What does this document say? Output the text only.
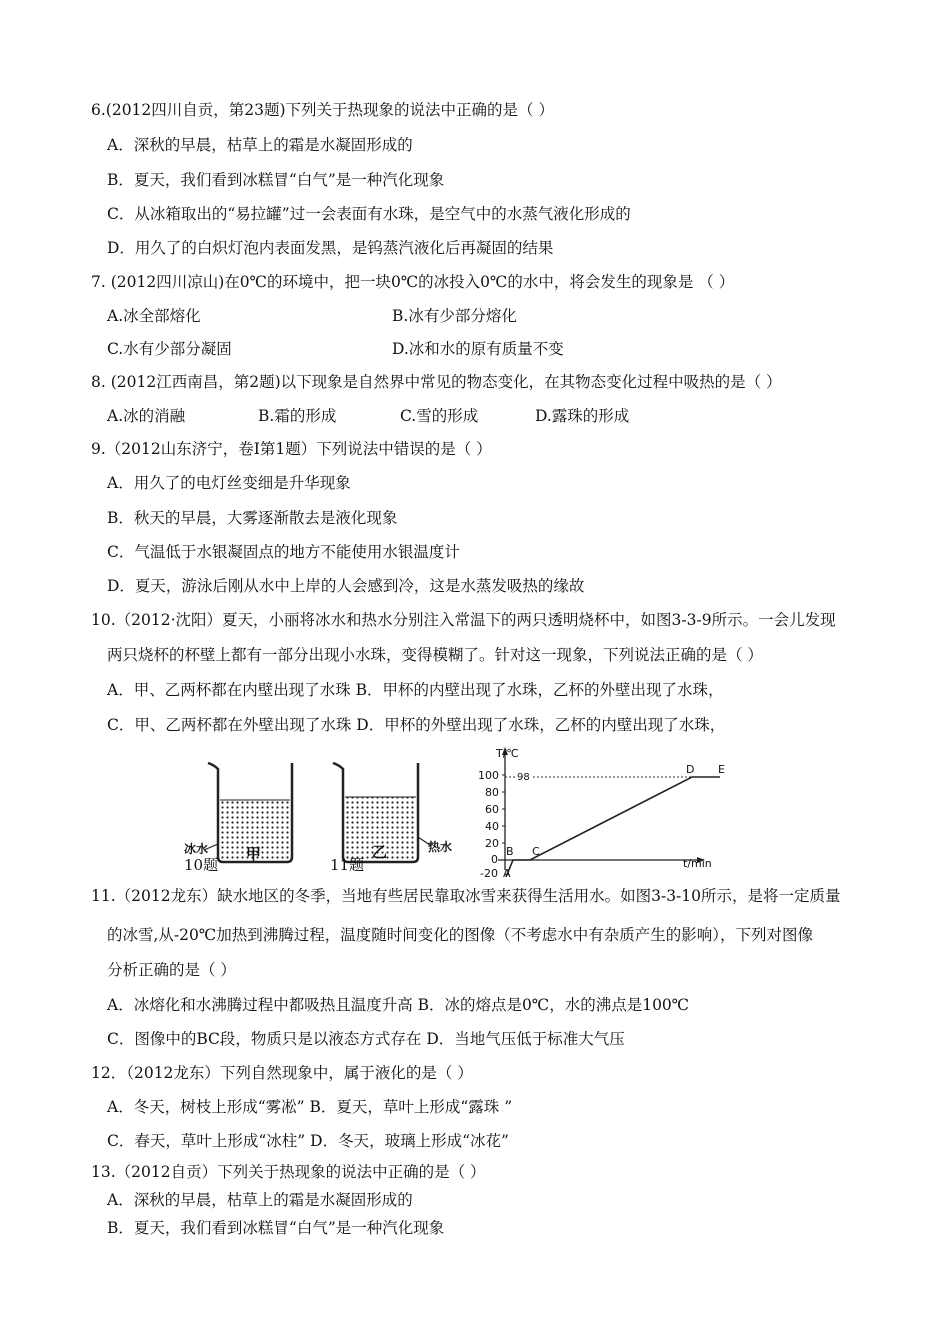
6.(2012四川自贡，第23题)下列关于热现象的说法中正确的是（ ）
A．深秋的早晨，枯草上的霜是水凝固形成的
B．夏天，我们看到冰糕冒“白气”是一种汽化现象
C．从冰箱取出的“易拉罐”过一会表面有水珠，是空气中的水蒸气液化形成的
D．用久了的白炽灯泡内表面发黑，是钨蒸汽液化后再凝固的结果
7. (2012四川凉山)在0℃的环境中，把一块0℃的冰投入0℃的水中，将会发生的现象是 （ ）
A.冰全部熔化	B.冰有少部分熔化
C.水有少部分凝固	D.冰和水的原有质量不变
8. (2012江西南昌，第2题)以下现象是自然界中常见的物态变化，在其物态变化过程中吸热的是（ ）
A.冰的消融	B.霜的形成	C.雪的形成	D.露珠的形成
9.（2012山东济宁，卷I第1题）下列说法中错误的是（ ）
A．用久了的电灯丝变细是升华现象
B．秋天的早晨，大雾逐渐散去是液化现象
C．气温低于水银凝固点的地方不能使用水银温度计
D．夏天，游泳后刚从水中上岸的人会感到冷，这是水蒸发吸热的缘故
10.（2012·沈阳）夏天，小丽将冰水和热水分别注入常温下的两只透明烧杯中，如图3-3-9所示。一会儿发现
两只烧杯的杯壁上都有一部分出现小水珠，变得模糊了。针对这一现象，下列说法正确的是（ ）
A．甲、乙两杯都在内壁出现了水珠 B．甲杯的内壁出现了水珠，乙杯的外壁出现了水珠，
C．甲、乙两杯都在外壁出现了水珠 D．甲杯的外壁出现了水珠，乙杯的内壁出现了水珠，
T/℃
t/min
100
80
60
40
20
0
-20
98
A
B C
D E
冰水	甲	乙	热水
10题	11题
11.（2012龙东）缺水地区的冬季，当地有些居民靠取冰雪来获得生活用水。如图3-3-10所示，是将一定质量
的冰雪,从-20℃加热到沸腾过程，温度随时间变化的图像（不考虑水中有杂质产生的影响），下列对图像
分析正确的是（ ）
A．冰熔化和水沸腾过程中都吸热且温度升高 B．冰的熔点是0℃，水的沸点是100℃
C．图像中的BC段，物质只是以液态方式存在 D．当地气压低于标准大气压
12．（2012龙东）下列自然现象中，属于液化的是（ ）
A．冬天，树枝上形成“雾凇” B．夏天，草叶上形成“露珠 ”
C．春天，草叶上形成“冰柱” D．冬天，玻璃上形成“冰花”
13.（2012自贡）下列关于热现象的说法中正确的是（ ）
A．深秋的早晨，枯草上的霜是水凝固形成的
B．夏天，我们看到冰糕冒“白气”是一种汽化现象
